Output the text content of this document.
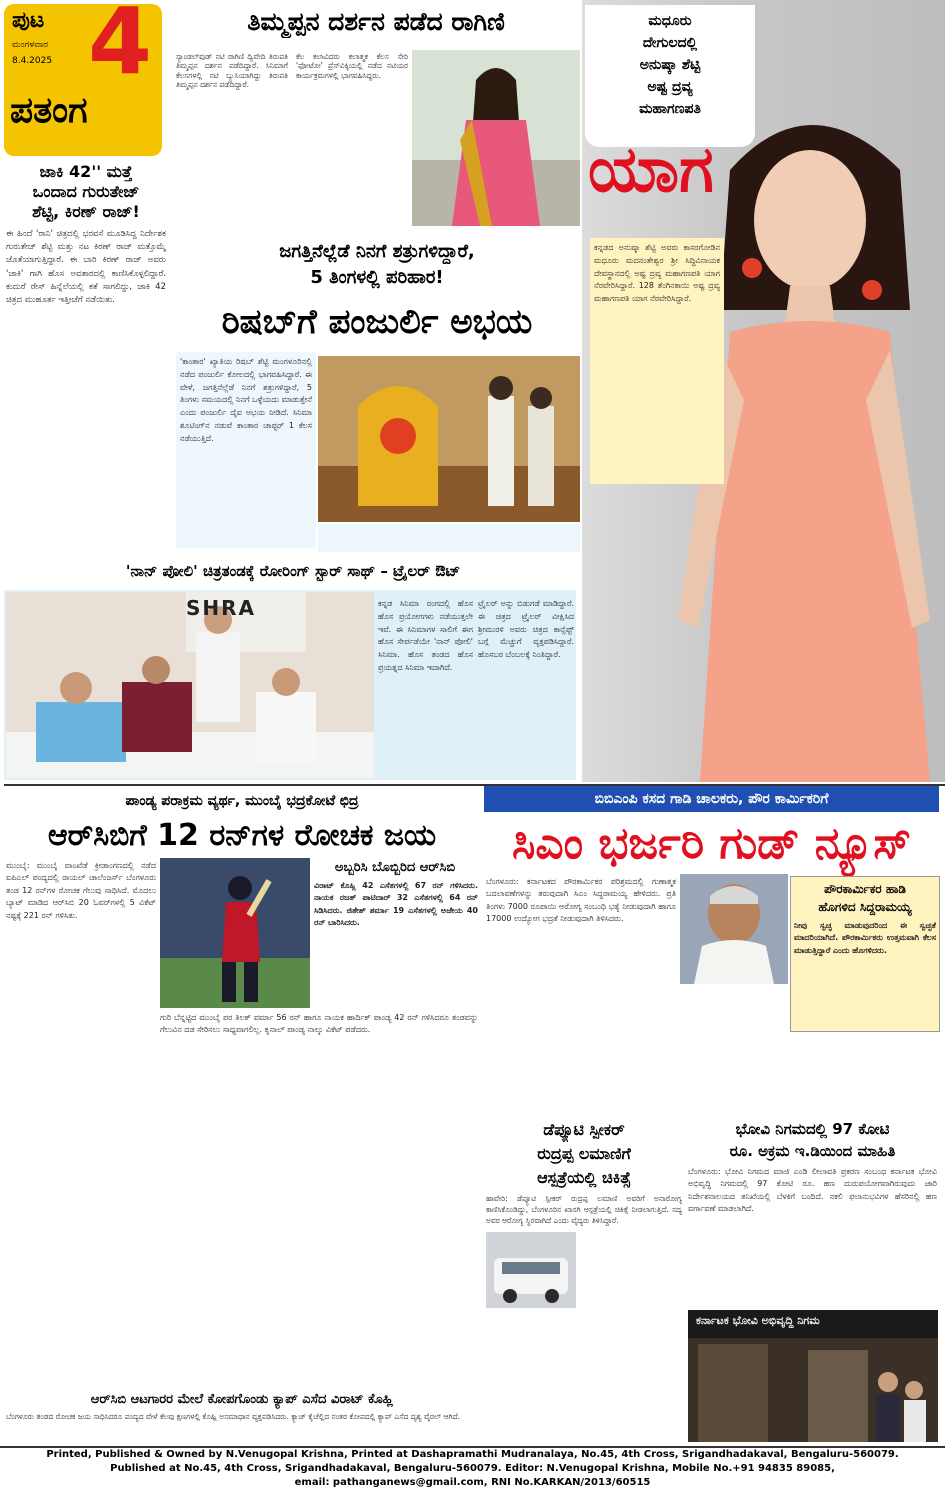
ಪುಟ 4
ಮಂಗಳವಾರ
8.4.2025
ಪತಂಗ
ತಿಮ್ಮಪ್ಪನ ದರ್ಶನ ಪಡೆದ ರಾಗಿಣಿ
ಸ್ಯಾಂಡಲ್‌ವುಡ್ ನಟಿ ರಾಗಿಣಿ ದ್ವಿವೇದಿ ತಿರುಪತಿ ತಿಮ್ಮಪ್ಪನ ದರ್ಶನ ಪಡೆದಿದ್ದಾರೆ. ಸಿನಿಮಾಗೆ ಕೆಲಸಗಳಲ್ಲಿ ನಟಿ ಬ್ಯುಸಿಯಾಗಿದ್ದು ತಿರುಪತಿ ತಿಮ್ಮಪ್ಪನ ದರ್ಶನ ಪಡೆದಿದ್ದಾರೆ.
ಕೆಲ ಕಲಾವಿದರು ಕಲಾತ್ಮಕ ಕೆಲಸ ಸೇರಿ 'ಫೋಟೋ' ಪ್ರೆಸ್‌ವಿಕ್ಕಿಯಲ್ಲಿ ನಡೆದ ನಟಿಯರ ಕಾರ್ಯಕ್ರಮಗಳಲ್ಲಿ ಭಾಗವಹಿಸಿದ್ದರು.
ಜಾಕಿ 42'' ಮತ್ತೆ
ಒಂದಾದ ಗುರುತೇಜ್
ಶೆಟ್ಟಿ, ಕಿರಣ್ ರಾಜ್!
ಈ ಹಿಂದೆ 'ರಾನಿ' ಚಿತ್ರದಲ್ಲಿ ಭರವಸೆ ಮೂಡಿಸಿದ್ದ ನಿರ್ದೇಶಕ ಗುರುತೇಜ್ ಶೆಟ್ಟಿ ಮತ್ತು ನಟ ಕಿರಣ್ ರಾಜ್ ಮತ್ತೊಮ್ಮೆ ಜೊತೆಯಾಗುತ್ತಿದ್ದಾರೆ. ಈ ಬಾರಿ ಕಿರಣ್ ರಾಜ್ ಅವರು 'ಜಾಕಿ' ಗಾಗಿ ಹೊಸ ಅವತಾರದಲ್ಲಿ ಕಾಣಿಸಿಕೊಳ್ಳಲಿದ್ದಾರೆ. ಕುದುರೆ ರೇಸ್ ಹಿನ್ನೆಲೆಯಲ್ಲಿ ಕತೆ ಸಾಗಲಿದ್ದು, ಜಾಕಿ 42 ಚಿತ್ರದ ಮುಹೂರ್ತ ಇತ್ತೀಚೆಗೆ ನಡೆಯಿತು.
ಮಧೂರು
ದೇಗುಲದಲ್ಲಿ
ಅನುಷ್ಕಾ ಶೆಟ್ಟಿ
ಅಷ್ಟ ದ್ರವ್ಯ
ಮಹಾಗಣಪತಿ
ಯಾಗ
ಕನ್ನಡದ ಅನುಷ್ಕಾ ಶೆಟ್ಟಿ ಅವರು ಕಾಸರಗೋಡಿನ ಮಧೂರು ಮದನಂತೇಶ್ವರ ಶ್ರೀ ಸಿದ್ಧಿವಿನಾಯಕ ದೇವಸ್ಥಾನದಲ್ಲಿ ಅಷ್ಟ ದ್ರವ್ಯ ಮಹಾಗಣಪತಿ ಯಾಗ ನೆರವೇರಿಸಿದ್ದಾರೆ. 128 ತೆಂಗಿನಕಾಯಿ ಅಷ್ಟ ದ್ರವ್ಯ ಮಹಾಗಣಪತಿ ಯಾಗ ನೆರವೇರಿಸಿದ್ದಾರೆ.
ಜಗತ್ತಿನೆಲ್ಲೆಡೆ ನಿನಗೆ ಶತ್ರುಗಳಿದ್ದಾರೆ,
5 ತಿಂಗಳಲ್ಲಿ ಪರಿಹಾರ!
ರಿಷಬ್‌ಗೆ ಪಂಜುರ್ಲಿ ಅಭಯ
'ಕಾಂತಾರ' ಖ್ಯಾತಿಯ ರಿಷಬ್ ಶೆಟ್ಟಿ ಮಂಗಳೂರಿನಲ್ಲಿ ನಡೆದ ಪಂಜುರ್ಲಿ ಕೋಲದಲ್ಲಿ ಭಾಗವಹಿಸಿದ್ದಾರೆ. ಈ ವೇಳೆ, ಜಗತ್ತಿನೆಲ್ಲೆಡೆ ನಿನಗೆ ಶತ್ರುಗಳಿದ್ದಾರೆ, 5 ತಿಂಗಳು ಸಮಯದಲ್ಲಿ ನಿನಗೆ ಒಳ್ಳೆಯದು ಮಾಡುತ್ತೇನೆ ಎಂದು ಪಂಜುರ್ಲಿ ದೈವ ಅಭಯ ನೀಡಿದೆ. ಸಿನಿಮಾ ಶೂಟಿಂಗ್‌ನ ನಡುವೆ ಕಾಂತಾರ ಚಾಪ್ಟರ್ 1 ಕೆಲಸ ನಡೆಯುತ್ತಿದೆ.
'ನಾನ್ ಪೋಲಿ' ಚಿತ್ರತಂಡಕ್ಕೆ ರೋರಿಂಗ್ ಸ್ಟಾರ್ ಸಾಥ್‌ – ಟ್ರೈಲರ್ ಔಟ್
SHRA	ಕನ್ನಡ ಸಿನಿಮಾ ರಂಗದಲ್ಲಿ ಹೊಸ ಹೊಸ ಪ್ರಯೋಗಗಳು ನಡೆಯುತ್ತಲೇ ಇವೆ. ಈ ಸಿನಿಮಾಗಳ ಸಾಲಿಗೆ ಈಗ ಹೊಸ ಸೇರ್ಪಡೆಯೇ 'ನಾನ್ ಪೋಲಿ' ಸಿನಿಮಾ. ಹೊಸ ತಂಡದ ಹೊಸ ಪ್ರಯತ್ನದ ಸಿನಿಮಾ ಇದಾಗಿದೆ.
ಟ್ರೈಲರ್ ಅನ್ನು ಬಿಡುಗಡೆ ಮಾಡಿದ್ದಾರೆ. ಈ ಚಿತ್ರದ ಟ್ರೈಲರ್ ವೀಕ್ಷಿಸಿದ ಶ್ರೀಮುರಳಿ ಅವರು ಚಿತ್ರದ ಕಾನ್ಸೆಪ್ಟ್ ಬಗ್ಗೆ ಮೆಚ್ಚುಗೆ ವ್ಯಕ್ತಪಡಿಸಿದ್ದಾರೆ. ಹೊಸಬರ ಬೆಂಬಲಕ್ಕೆ ನಿಂತಿದ್ದಾರೆ.
ಪಾಂಡ್ಯ ಪರಾಕ್ರಮ ವ್ಯರ್ಥ, ಮುಂಬೈ ಭದ್ರಕೋಟೆ ಛಿದ್ರ
ಆರ್‌ಸಿಬಿಗೆ 12 ರನ್‌ಗಳ ರೋಚಕ ಜಯ
ಮುಂಬೈ: ಮುಂಬೈ ವಾಂಖೆಡೆ ಕ್ರೀಡಾಂಗಣದಲ್ಲಿ ನಡೆದ ಐಪಿಎಲ್ ಪಂದ್ಯದಲ್ಲಿ ರಾಯಲ್ ಚಾಲೆಂಜರ್ಸ್ ಬೆಂಗಳೂರು ತಂಡ 12 ರನ್‌ಗಳ ರೋಚಕ ಗೆಲುವು ಸಾಧಿಸಿದೆ. ಮೊದಲು ಬ್ಯಾಟ್ ಮಾಡಿದ ಆರ್‌ಸಿಬಿ 20 ಓವರ್‌ಗಳಲ್ಲಿ 5 ವಿಕೆಟ್ ನಷ್ಟಕ್ಕೆ 221 ರನ್ ಗಳಿಸಿತು.
ಅಬ್ಬರಿಸಿ ಬೊಬ್ಬಿರಿದ ಆರ್‌ಸಿಬಿ
ವಿರಾಟ್ ಕೊಹ್ಲಿ 42 ಎಸೆತಗಳಲ್ಲಿ 67 ರನ್ ಗಳಿಸಿದರು. ನಾಯಕ ರಜತ್ ಪಾಟಿದಾರ್ 32 ಎಸೆತಗಳಲ್ಲಿ 64 ರನ್ ಸಿಡಿಸಿದರು. ಜಿತೇಶ್ ಶರ್ಮಾ 19 ಎಸೆತಗಳಲ್ಲಿ ಅಜೇಯ 40 ರನ್ ಬಾರಿಸಿದರು.
ಗುರಿ ಬೆನ್ನಟ್ಟಿದ ಮುಂಬೈ ಪರ ತಿಲಕ್ ವರ್ಮಾ 56 ರನ್ ಹಾಗೂ ನಾಯಕ ಹಾರ್ದಿಕ್ ಪಾಂಡ್ಯ 42 ರನ್ ಗಳಿಸಿದರೂ ತಂಡವನ್ನು ಗೆಲುವಿನ ದಡ ಸೇರಿಸಲು ಸಾಧ್ಯವಾಗಲಿಲ್ಲ. ಕೃನಾಲ್ ಪಾಂಡ್ಯ ನಾಲ್ಕು ವಿಕೆಟ್ ಪಡೆದರು.
ಆರ್‌ಸಿಬಿ ಆಟಗಾರರ ಮೇಲೆ ಕೋಪಗೊಂಡು ಕ್ಯಾಪ್ ಎಸೆದ ವಿರಾಟ್ ಕೊಹ್ಲಿ
ಬೆಂಗಳೂರು ತಂಡದ ರೋಚಕ ಜಯ ಸಾಧಿಸಿದರೂ ಪಂದ್ಯದ ವೇಳೆ ಕೆಲವು ಕ್ಷಣಗಳಲ್ಲಿ ಕೊಹ್ಲಿ ಅಸಮಾಧಾನ ವ್ಯಕ್ತಪಡಿಸಿದರು. ಕ್ಯಾಚ್ ಕೈಚೆಲ್ಲಿದ ನಂತರ ಕೋಪದಲ್ಲಿ ಕ್ಯಾಪ್ ಎಸೆದ ದೃಶ್ಯ ವೈರಲ್ ಆಗಿದೆ.
ಬಿಬಿಎಂಪಿ ಕಸದ ಗಾಡಿ ಚಾಲಕರು, ಪೌರ ಕಾರ್ಮಿಕರಿಗೆ
ಸಿಎಂ ಭರ್ಜರಿ ಗುಡ್ ನ್ಯೂಸ್
ಬೆಂಗಳೂರು: ಕರ್ನಾಟಕದ ಪೌರಕಾರ್ಮಿಕರ ಪರಿಶ್ರಮದಲ್ಲಿ ಗುಣಾತ್ಮಕ ಬದಲಾವಣೆಗಳನ್ನು ತರುವುದಾಗಿ ಸಿಎಂ ಸಿದ್ದರಾಮಯ್ಯ ಹೇಳಿದರು. ಪ್ರತಿ ತಿಂಗಳು 7000 ರೂಪಾಯಿ ಆರೋಗ್ಯ ಸಂಬಂಧಿ ಭತ್ಯೆ ನೀಡುವುದಾಗಿ ಹಾಗೂ 17000 ಉದ್ಯೋಗ ಭದ್ರತೆ ನೀಡುವುದಾಗಿ ತಿಳಿಸಿದರು.
ಪೌರಕಾರ್ಮಿಕರ ಹಾಡಿ
ಹೊಗಳಿದ ಸಿದ್ದರಾಮಯ್ಯ
ನೀವು ಸ್ವಚ್ಛ ಮಾಡುವುದರಿಂದ ಈ ಸ್ವಚ್ಛತೆ ಮಾದರಿಯಾಗಿದೆ. ಪೌರಕಾರ್ಮಿಕರು ಉತ್ತಮವಾಗಿ ಕೆಲಸ ಮಾಡುತ್ತಿದ್ದಾರೆ ಎಂದು ಹೊಗಳಿದರು.
ಡೆಪ್ಯೂಟಿ ಸ್ಪೀಕರ್
ರುದ್ರಪ್ಪ ಲಮಾಣಿಗೆ
ಆಸ್ಪತ್ರೆಯಲ್ಲಿ ಚಿಕಿತ್ಸೆ
ಹಾವೇರಿ: ಡೆಪ್ಯೂಟಿ ಸ್ಪೀಕರ್ ರುದ್ರಪ್ಪ ಲಮಾಣಿ ಅವರಿಗೆ ಅನಾರೋಗ್ಯ ಕಾಣಿಸಿಕೊಂಡಿದ್ದು, ಬೆಂಗಳೂರಿನ ಖಾಸಗಿ ಆಸ್ಪತ್ರೆಯಲ್ಲಿ ಚಿಕಿತ್ಸೆ ನೀಡಲಾಗುತ್ತಿದೆ. ಸದ್ಯ ಅವರ ಆರೋಗ್ಯ ಸ್ಥಿರವಾಗಿದೆ ಎಂದು ವೈದ್ಯರು ತಿಳಿಸಿದ್ದಾರೆ.
ಭೋವಿ ನಿಗಮದಲ್ಲಿ 97 ಕೋಟಿ
ರೂ. ಅಕ್ರಮ ಇ.ಡಿಯಿಂದ ಮಾಹಿತಿ
ಬೆಂಗಳೂರು: ಭೋವಿ ನಿಗಮದ ಮಾಜಿ ಎಂಡಿ ಲೀಲಾವತಿ ಪ್ರಕರಣ ಸಂಬಂಧ ಕರ್ನಾಟಕ ಭೋವಿ ಅಭಿವೃದ್ಧಿ ನಿಗಮದಲ್ಲಿ 97 ಕೋಟಿ ರೂ. ಹಣ ದುರುಪಯೋಗವಾಗಿರುವುದು ಜಾರಿ ನಿರ್ದೇಶನಾಲಯದ ತನಿಖೆಯಲ್ಲಿ ಬೆಳಕಿಗೆ ಬಂದಿದೆ. ನಕಲಿ ಫಲಾನುಭವಿಗಳ ಹೆಸರಿನಲ್ಲಿ ಹಣ ವರ್ಗಾವಣೆ ಮಾಡಲಾಗಿದೆ.
ಕರ್ನಾಟಕ ಭೋವಿ ಅಭಿವೃದ್ಧಿ ನಿಗಮ
Printed, Published & Owned by N.Venugopal Krishna, Printed at Dashapramathi Mudranalaya, No.45, 4th Cross, Srigandhadakaval, Bengaluru-560079.
Published at No.45, 4th Cross, Srigandhadakaval, Bengaluru-560079. Editor: N.Venugopal Krishna, Mobile No.+91 94835 89085,
email: pathanganews@gmail.com, RNI No.KARKAN/2013/60515
